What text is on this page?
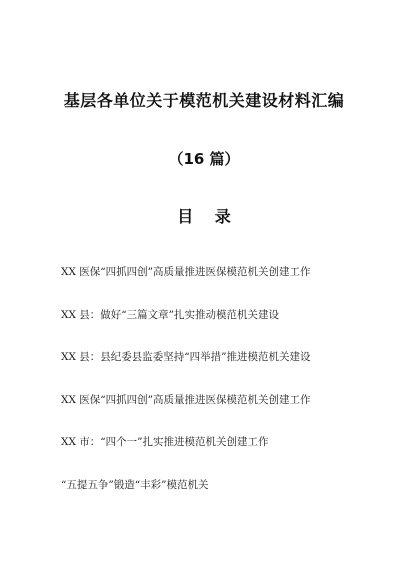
基层各单位关于模范机关建设材料汇编
（16 篇）
目 录
XX 医保“四抓四创”高质量推进医保模范机关创建工作
XX 县：做好“三篇文章”扎实推动模范机关建设
XX 县：县纪委县监委坚持“四举措”推进模范机关建设
XX 医保“四抓四创”高质量推进医保模范机关创建工作
XX 市：“四个一”扎实推进模范机关创建工作
“五提五争”锻造“丰彩”模范机关
